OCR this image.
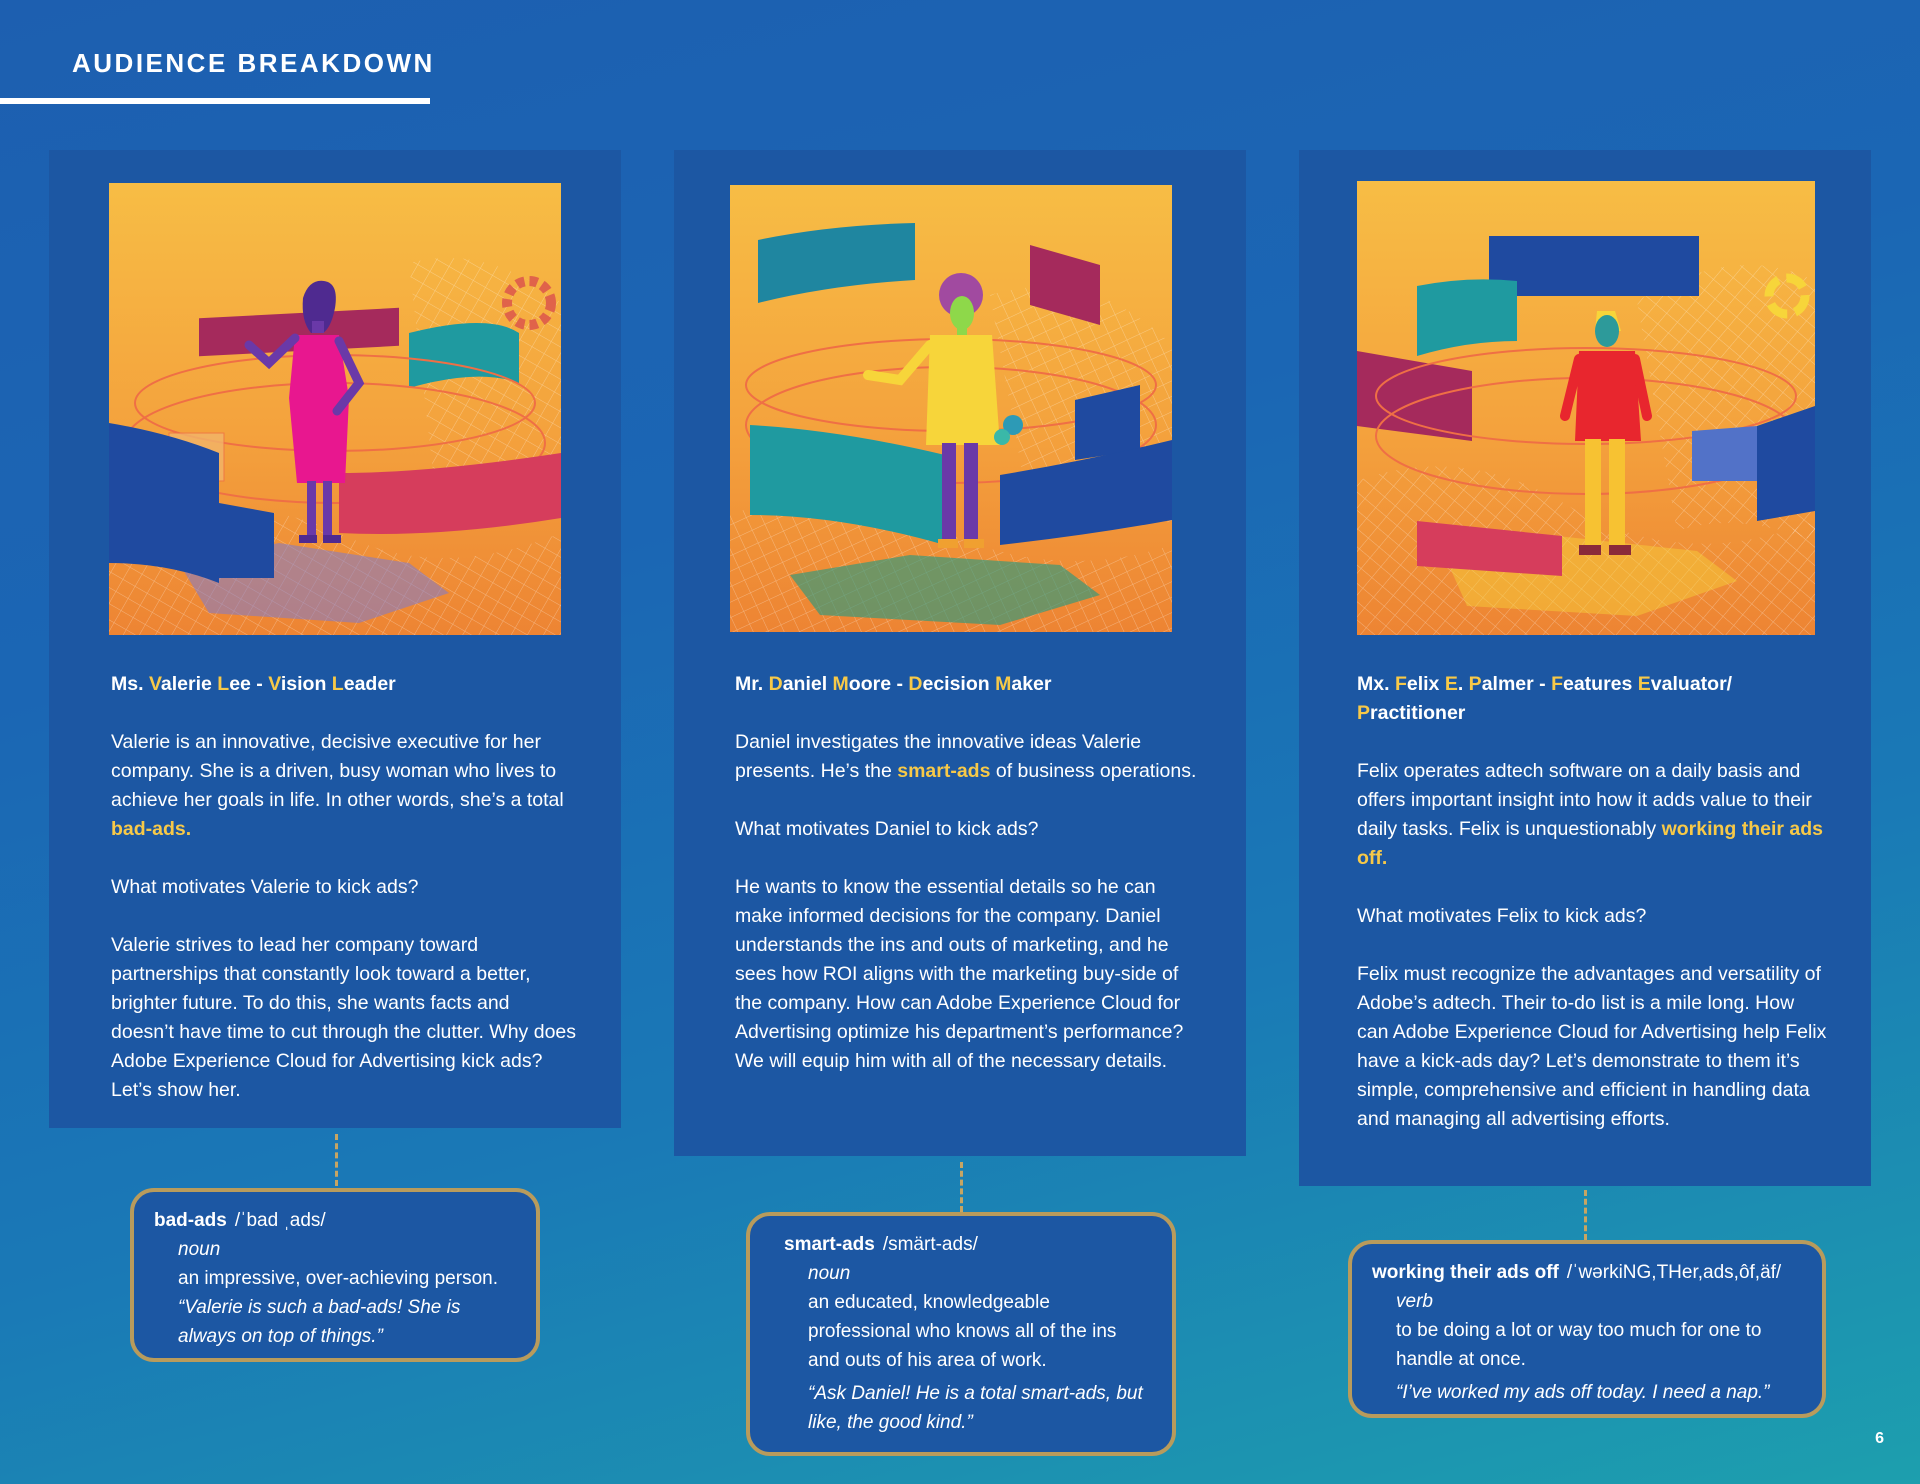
AUDIENCE BREAKDOWN
Ms. Valerie Lee - Vision Leader
Valerie is an innovative, decisive executive for her company. She is a driven, busy woman who lives to achieve her goals in life. In other words, she’s a total bad-ads.
What motivates Valerie to kick ads?
Valerie strives to lead her company toward partnerships that constantly look toward a better, brighter future. To do this, she wants facts and doesn’t have time to cut through the clutter. Why does Adobe Experience Cloud for Advertising kick ads? Let’s show her.
bad-ads /ˈbad ˌads/
noun
an impressive, over-achieving person.
“Valerie is such a bad-ads! She is always on top of things.”
Mr. Daniel Moore - Decision Maker
Daniel investigates the innovative ideas Valerie presents. He’s the smart-ads of business operations.
What motivates Daniel to kick ads?
He wants to know the essential details so he can make informed decisions for the company. Daniel understands the ins and outs of marketing, and he sees how ROI aligns with the marketing buy-side of the company. How can Adobe Experience Cloud for Advertising optimize his department’s performance? We will equip him with all of the necessary details.
smart-ads /smärt-ads/
noun
an educated, knowledgeable professional who knows all of the ins and outs of his area of work.
“Ask Daniel! He is a total smart-ads, but like, the good kind.”
Mx. Felix E. Palmer - Features Evaluator/ Practitioner
Felix operates adtech software on a daily basis and offers important insight into how it adds value to their daily tasks. Felix is unquestionably working their ads off.
What motivates Felix to kick ads?
Felix must recognize the advantages and versatility of Adobe’s adtech. Their to-do list is a mile long. How can Adobe Experience Cloud for Advertising help Felix have a kick-ads day? Let’s demonstrate to them it’s simple, comprehensive and efficient in handling data and managing all advertising efforts.
working their ads off /ˈwərkiNG,THer,ads,ôf,äf/
verb
to be doing a lot or way too much for one to handle at once.
“I’ve worked my ads off today. I need a nap.”
6
